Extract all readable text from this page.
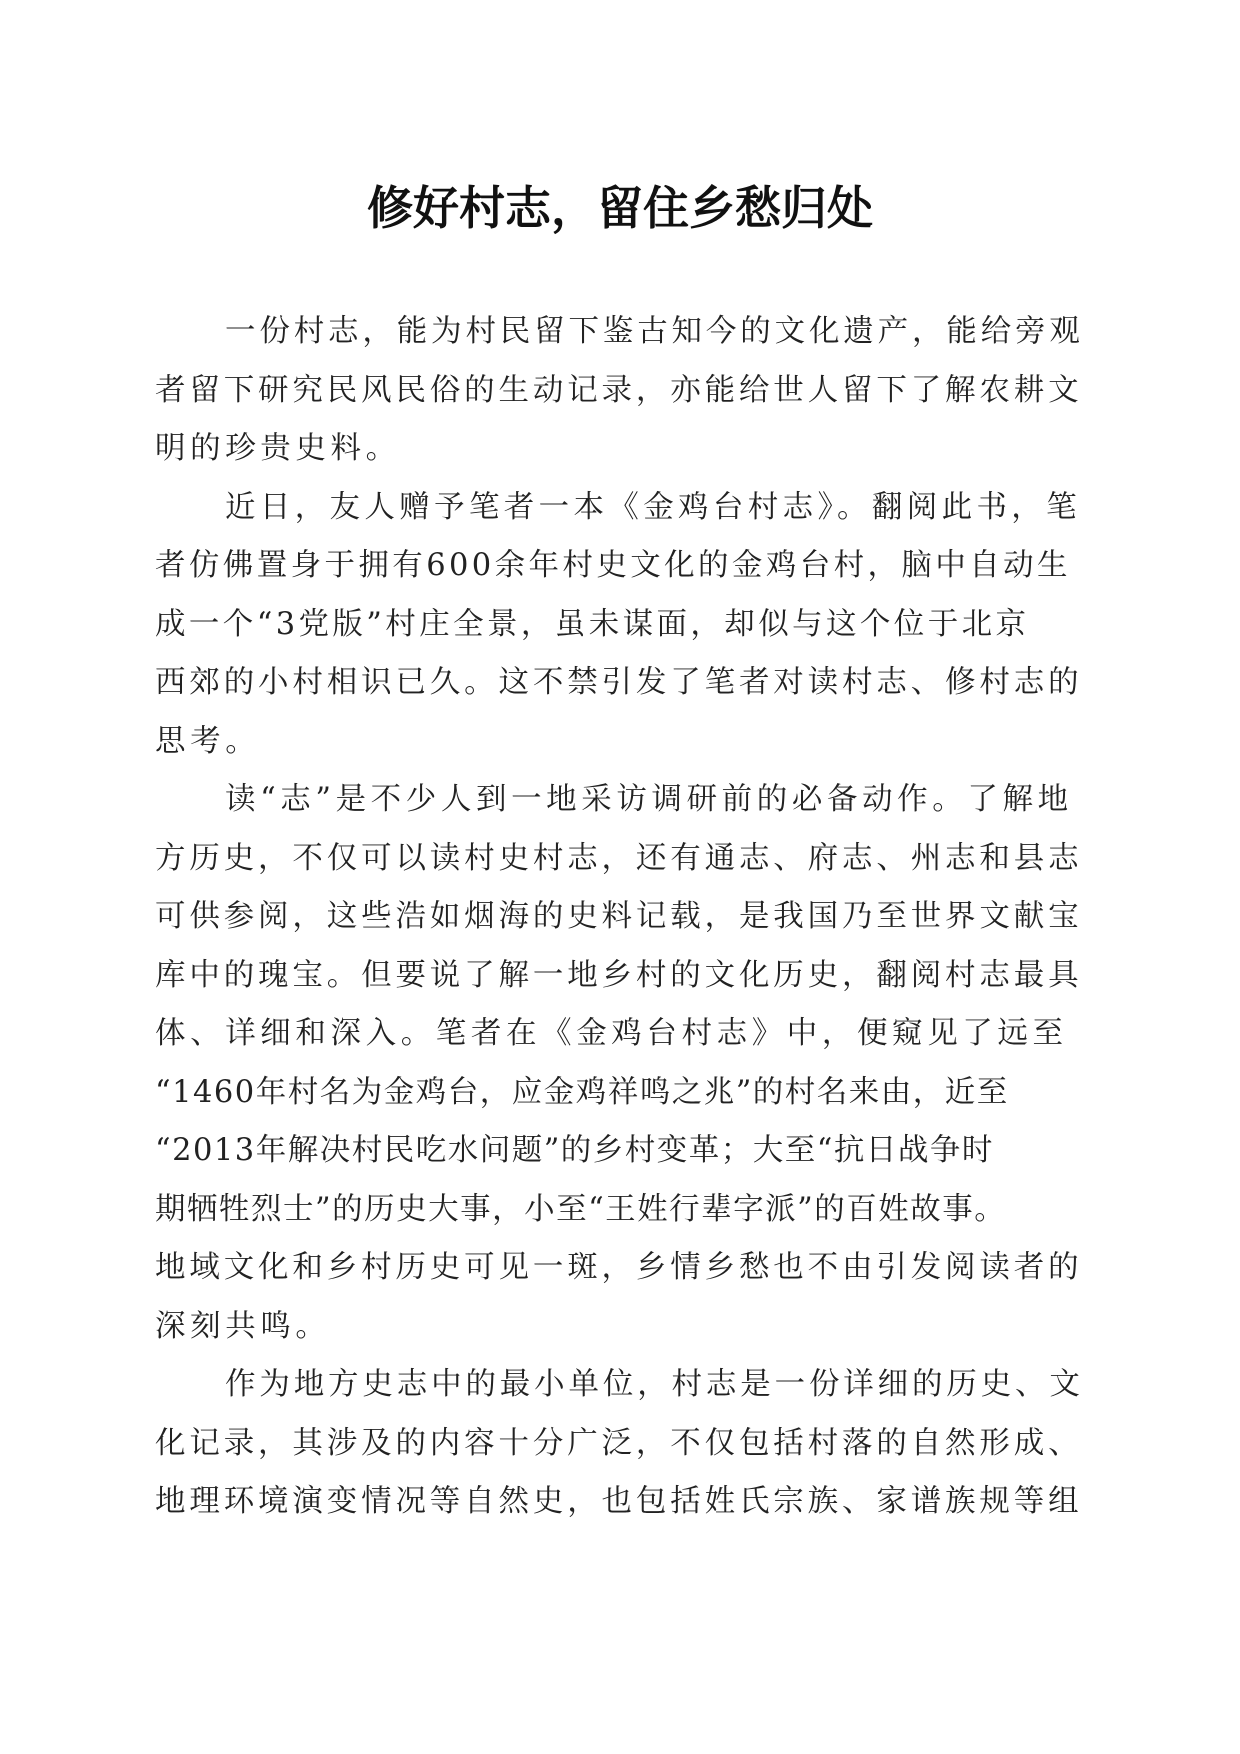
修好村志，留住乡愁归处
一份村志，能为村民留下鉴古知今的文化遗产，能给旁观
者留下研究民风民俗的生动记录，亦能给世人留下了解农耕文
明的珍贵史料。
近日，友人赠予笔者一本《金鸡台村志》。翻阅此书，笔
者仿佛置身于拥有600余年村史文化的金鸡台村，脑中自动生
成一个“3党版”村庄全景，虽未谋面，却似与这个位于北京
西郊的小村相识已久。这不禁引发了笔者对读村志、修村志的
思考。
读“志”是不少人到一地采访调研前的必备动作。了解地
方历史，不仅可以读村史村志，还有通志、府志、州志和县志
可供参阅，这些浩如烟海的史料记载，是我国乃至世界文献宝
库中的瑰宝。但要说了解一地乡村的文化历史，翻阅村志最具
体、详细和深入。笔者在《金鸡台村志》中，便窥见了远至
“1460年村名为金鸡台，应金鸡祥鸣之兆”的村名来由，近至
“2013年解决村民吃水问题”的乡村变革；大至“抗日战争时
期牺牲烈士”的历史大事，小至“王姓行辈字派”的百姓故事。
地域文化和乡村历史可见一斑，乡情乡愁也不由引发阅读者的
深刻共鸣。
作为地方史志中的最小单位，村志是一份详细的历史、文
化记录，其涉及的内容十分广泛，不仅包括村落的自然形成、
地理环境演变情况等自然史，也包括姓氏宗族、家谱族规等组
